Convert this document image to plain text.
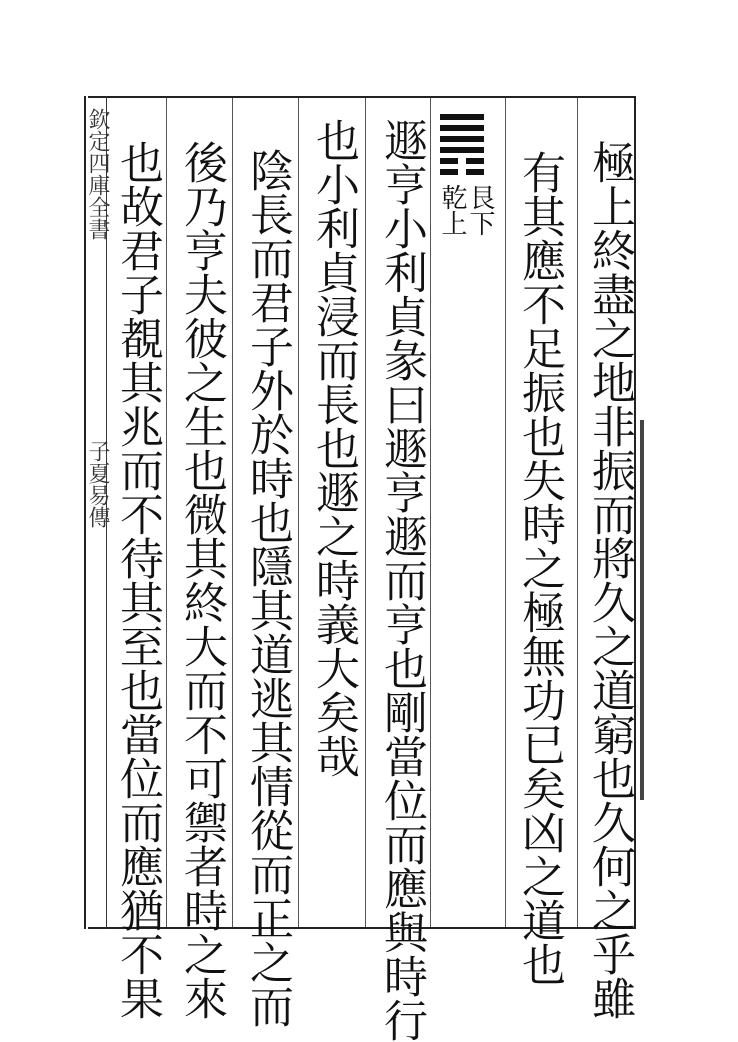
極上終盡之地非振而將久之道窮也久何之乎雖
有其應不足振也失時之極無功已矣凶之道也
艮下
乾上
遯亨小利貞彖曰遯亨遯而亨也剛當位而應與時行
也小利貞浸而長也遯之時義大矣哉
陰長而君子外於時也隱其道逃其情從而正之而
後乃亨夫彼之生也微其終大而不可禦者時之來
也故君子覩其兆而不待其至也當位而應猶不果
欽定四庫全書
子夏易傳
